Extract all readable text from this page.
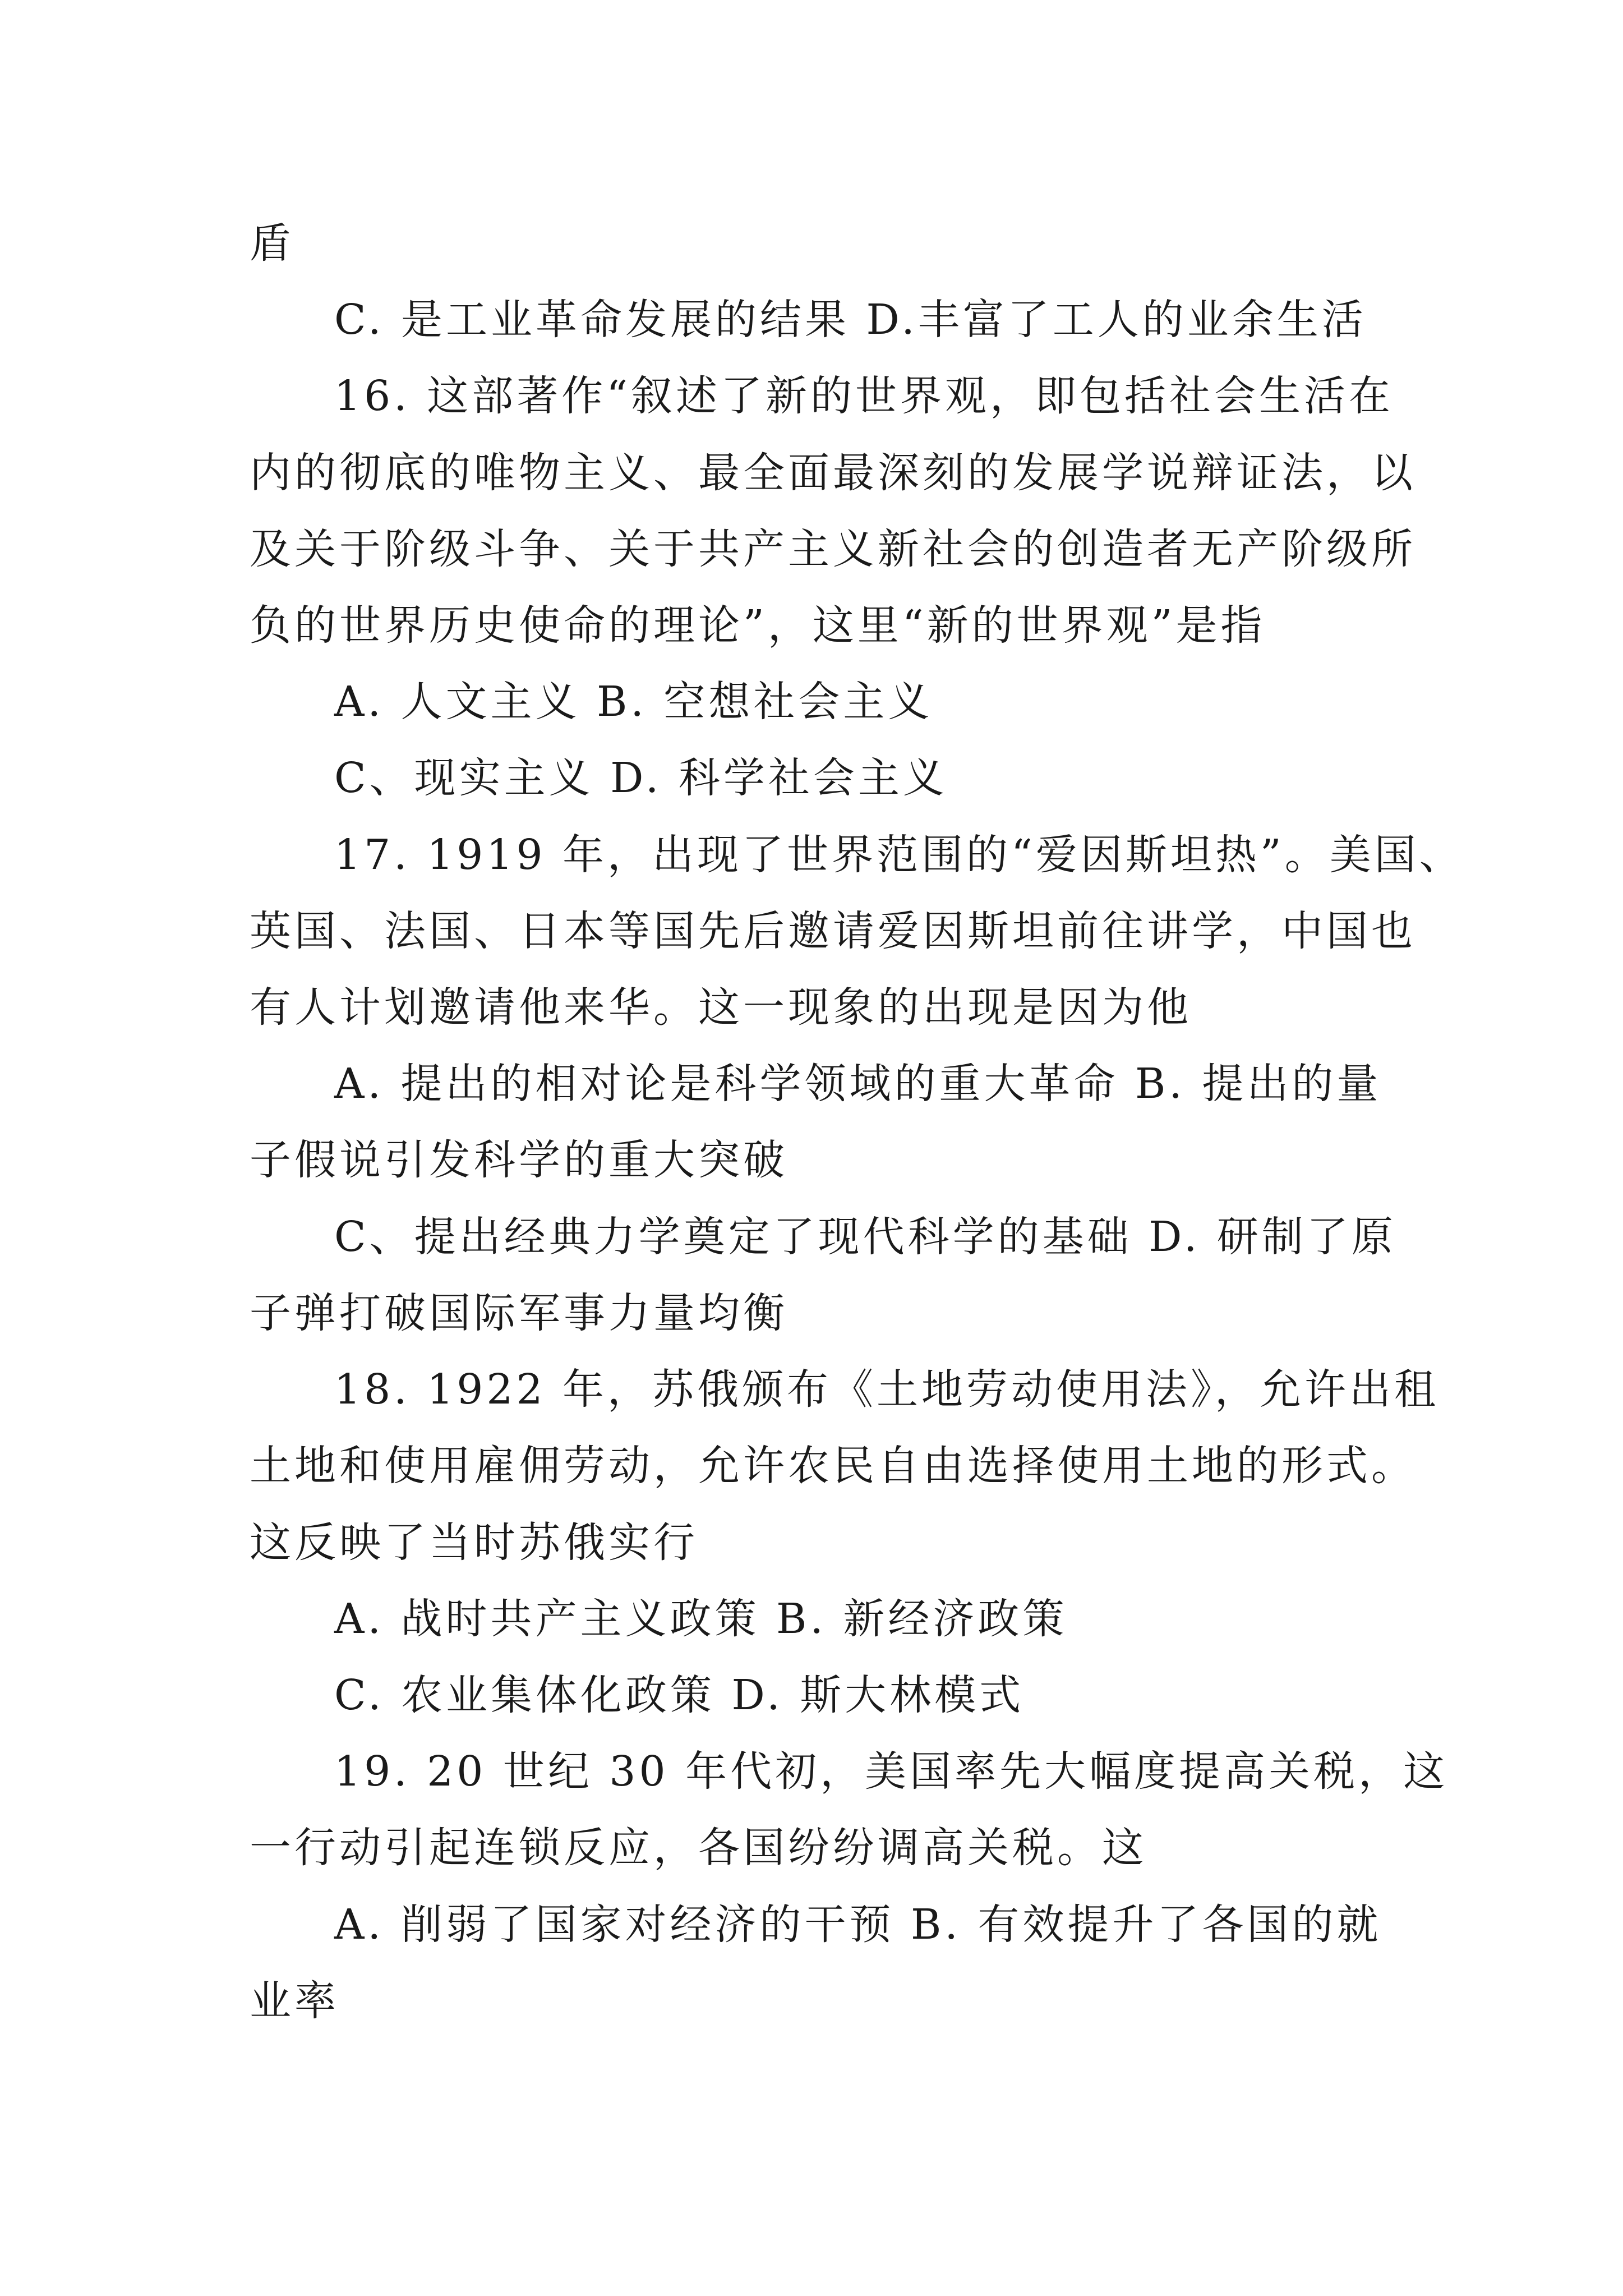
盾
C. 是工业革命发展的结果 D.丰富了工人的业余生活
16. 这部著作“叙述了新的世界观，即包括社会生活在
内的彻底的唯物主义、最全面最深刻的发展学说辩证法，以
及关于阶级斗争、关于共产主义新社会的创造者无产阶级所
负的世界历史使命的理论”，这里“新的世界观”是指
A. 人文主义 B. 空想社会主义
C、现实主义 D. 科学社会主义
17. 1919 年，出现了世界范围的“爱因斯坦热”。美国、
英国、法国、日本等国先后邀请爱因斯坦前往讲学，中国也
有人计划邀请他来华。这一现象的出现是因为他
A. 提出的相对论是科学领域的重大革命 B. 提出的量
子假说引发科学的重大突破
C、提出经典力学奠定了现代科学的基础 D. 研制了原
子弹打破国际军事力量均衡
18. 1922 年，苏俄颁布《土地劳动使用法》，允许出租
土地和使用雇佣劳动，允许农民自由选择使用土地的形式。
这反映了当时苏俄实行
A. 战时共产主义政策 B. 新经济政策
C. 农业集体化政策 D. 斯大林模式
19. 20 世纪 30 年代初，美国率先大幅度提高关税，这
一行动引起连锁反应，各国纷纷调高关税。这
A. 削弱了国家对经济的干预 B. 有效提升了各国的就
业率
